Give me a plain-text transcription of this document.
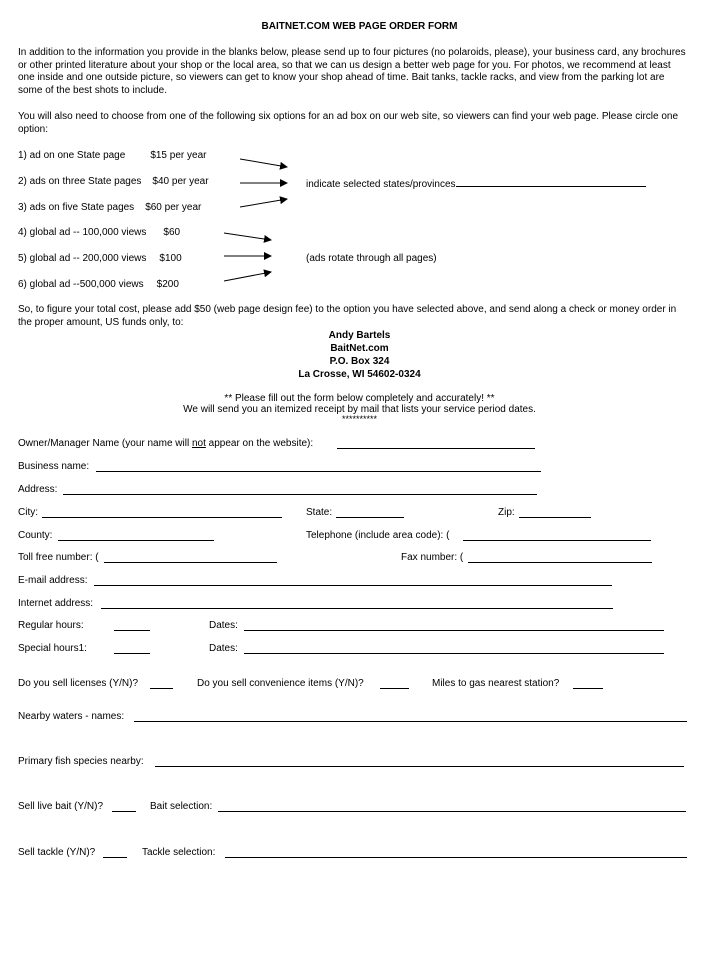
BAITNET.COM WEB PAGE ORDER FORM
In addition to the information you provide in the blanks below, please send up to four pictures (no polaroids, please), your business card, any brochures or other printed literature about your shop or the local area, so that we can us design a better web page for you. For photos, we recommend at least one inside and one outside picture, so viewers can get to know your shop ahead of time. Bait tanks, tackle racks, and view from the parking lot are some of the best shots to include.
You will also need to choose from one of the following six options for an ad box on our web site, so viewers can find your web page. Please circle one option:
1) ad on one State page	$15 per year
2) ads on three State pages $40 per year
3) ads on five State pages $60 per year
4) global ad -- 100,000 views $60
5) global ad -- 200,000 views $100
6) global ad --500,000 views $200
indicate selected states/provinces
(ads rotate through all pages)
So, to figure your total cost, please add $50 (web page design fee) to the option you have selected above, and send along a check or money order in the proper amount, US funds only, to:
Andy Bartels
BaitNet.com
P.O. Box 324
La Crosse, WI 54602-0324
** Please fill out the form below completely and accurately! **
We will send you an itemized receipt by mail that lists your service period dates.
**********
Owner/Manager Name (your name will not appear on the website):
Business name:
Address:
City:	State:	Zip:
County:	Telephone (include area code): (
Toll free number: (	Fax number: (
E-mail address:
Internet address:
Regular hours:	Dates:
Special hours1:	Dates:
Do you sell licenses (Y/N)?	Do you sell convenience items (Y/N)?	Miles to gas nearest station?
Nearby waters - names:
Primary fish species nearby:
Sell live bait (Y/N)?	Bait selection:
Sell tackle (Y/N)?	Tackle selection:
